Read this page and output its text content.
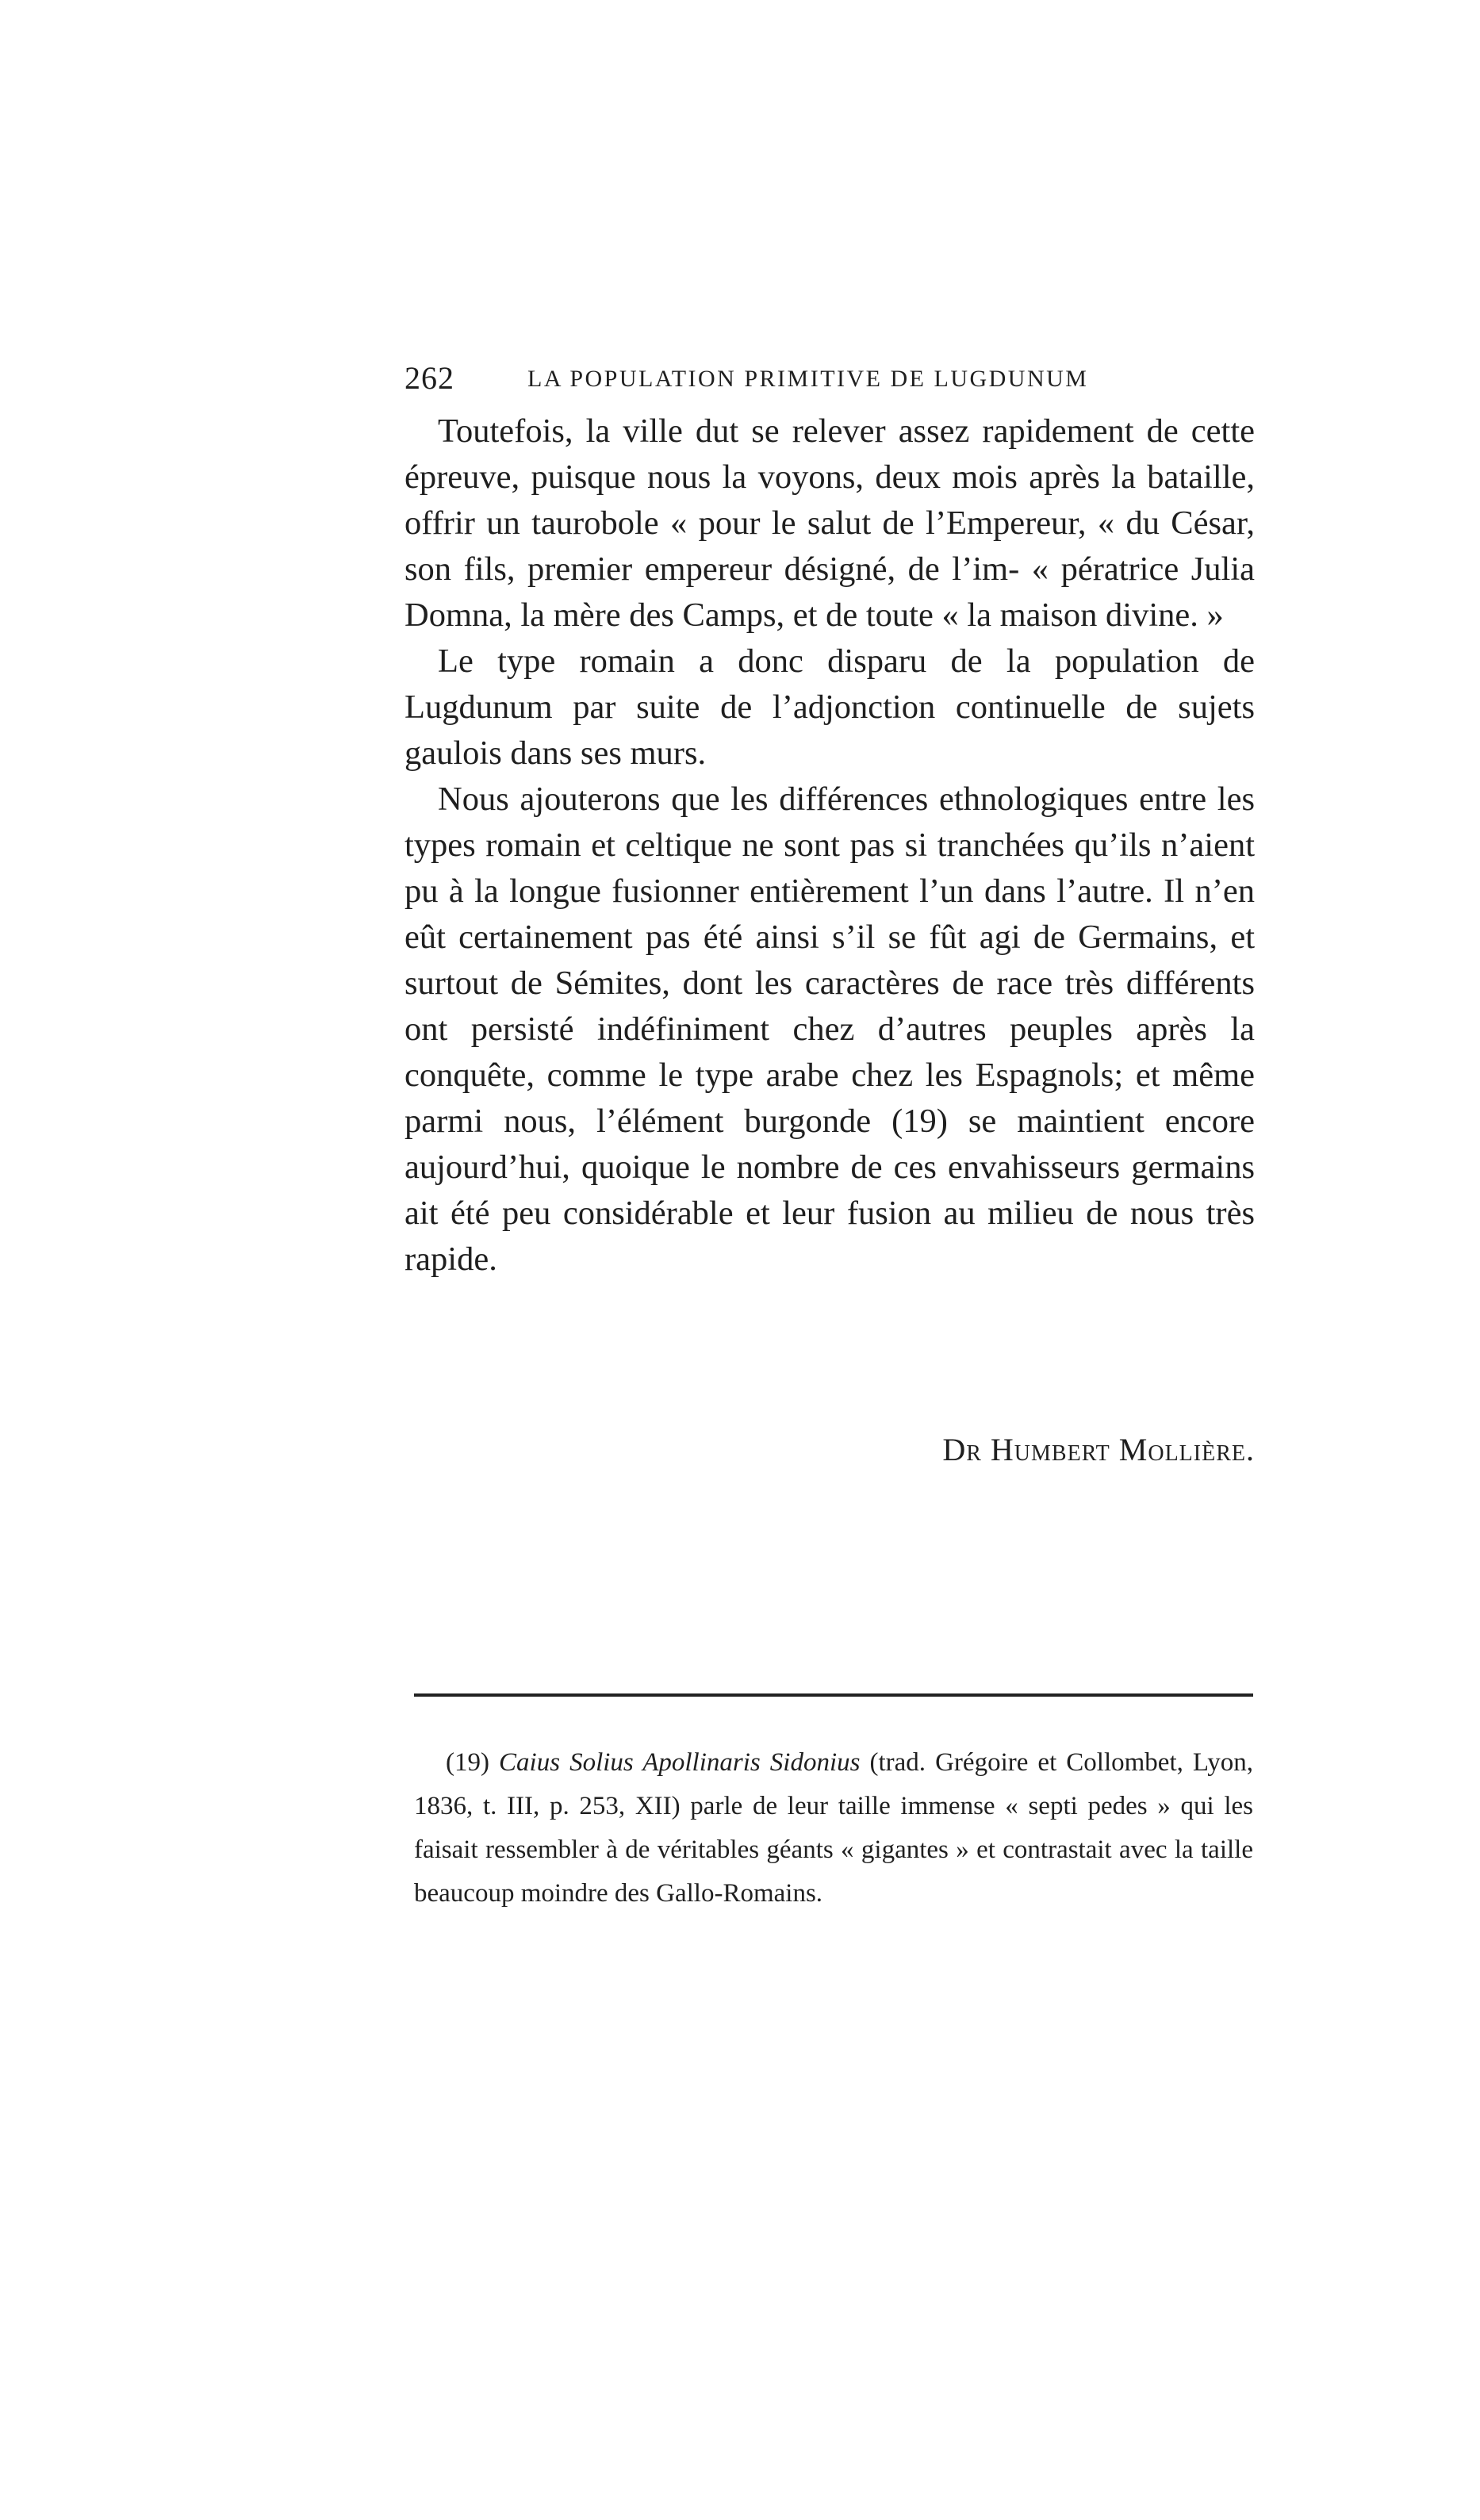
262	LA POPULATION PRIMITIVE DE LUGDUNUM

Toutefois, la ville dut se relever assez rapidement de cette épreuve, puisque nous la voyons, deux mois après la bataille, offrir un taurobole « pour le salut de l’Empereur, « du César, son fils, premier empereur désigné, de l’im- « pératrice Julia Domna, la mère des Camps, et de toute « la maison divine. »

Le type romain a donc disparu de la population de Lugdunum par suite de l’adjonction continuelle de sujets gaulois dans ses murs.

Nous ajouterons que les différences ethnologiques entre les types romain et celtique ne sont pas si tranchées qu’ils n’aient pu à la longue fusionner entièrement l’un dans l’autre. Il n’en eût certainement pas été ainsi s’il se fût agi de Germains, et surtout de Sémites, dont les caractères de race très différents ont persisté indéfiniment chez d’autres peuples après la conquête, comme le type arabe chez les Espagnols; et même parmi nous, l’élément burgonde (19) se maintient encore aujourd’hui, quoique le nombre de ces envahisseurs germains ait été peu considérable et leur fusion au milieu de nous très rapide.

Dr Humbert Mollière.

(19) Caius Solius Apollinaris Sidonius (trad. Grégoire et Collombet, Lyon, 1836, t. III, p. 253, XII) parle de leur taille immense « septi pedes » qui les faisait ressembler à de véritables géants « gigantes » et contrastait avec la taille beaucoup moindre des Gallo-Romains.
